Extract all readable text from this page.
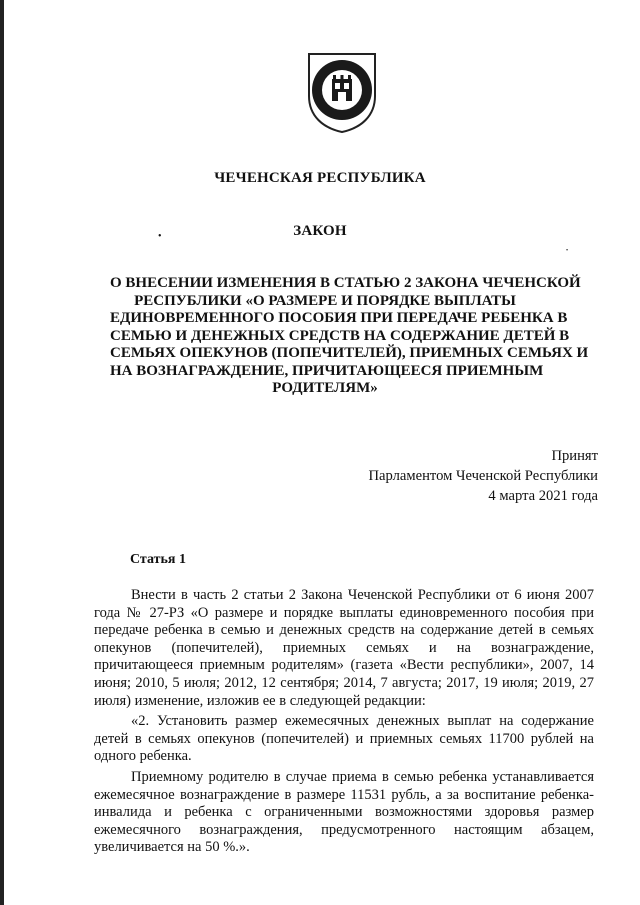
ЧЕЧЕНСКАЯ РЕСПУБЛИКА
ЗАКОН
•
•
О ВНЕСЕНИИ ИЗМЕНЕНИЯ В СТАТЬЮ 2 ЗАКОНА ЧЕЧЕНСКОЙ
РЕСПУБЛИКИ «О РАЗМЕРЕ И ПОРЯДКЕ ВЫПЛАТЫ
ЕДИНОВРЕМЕННОГО ПОСОБИЯ ПРИ ПЕРЕДАЧЕ РЕБЕНКА В
СЕМЬЮ И ДЕНЕЖНЫХ СРЕДСТВ НА СОДЕРЖАНИЕ ДЕТЕЙ В
СЕМЬЯХ ОПЕКУНОВ (ПОПЕЧИТЕЛЕЙ), ПРИЕМНЫХ СЕМЬЯХ И
НА ВОЗНАГРАЖДЕНИЕ, ПРИЧИТАЮЩЕЕСЯ ПРИЕМНЫМ
РОДИТЕЛЯМ»
Принят
Парламентом Чеченской Республики
4 марта 2021 года
Статья 1

Внести в часть 2 статьи 2 Закона Чеченской Республики от 6 июня 2007 года № 27-РЗ «О размере и порядке выплаты единовременного пособия при передаче ребенка в семью и денежных средств на содержание детей в семьях опекунов (попечителей), приемных семьях и на вознаграждение, причитающееся приемным родителям» (газета «Вести республики», 2007, 14 июня; 2010, 5 июля; 2012, 12 сентября; 2014, 7 августа; 2017, 19 июля; 2019, 27 июля) изменение, изложив ее в следующей редакции:

«2. Установить размер ежемесячных денежных выплат на содержание детей в семьях опекунов (попечителей) и приемных семьях 11700 рублей на одного ребенка.

Приемному родителю в случае приема в семью ребенка устанавливается ежемесячное вознаграждение в размере 11531 рубль, а за воспитание ребенка-инвалида и ребенка с ограниченными возможностями здоровья размер ежемесячного вознаграждения, предусмотренного настоящим абзацем, увеличивается на 50 %.».
